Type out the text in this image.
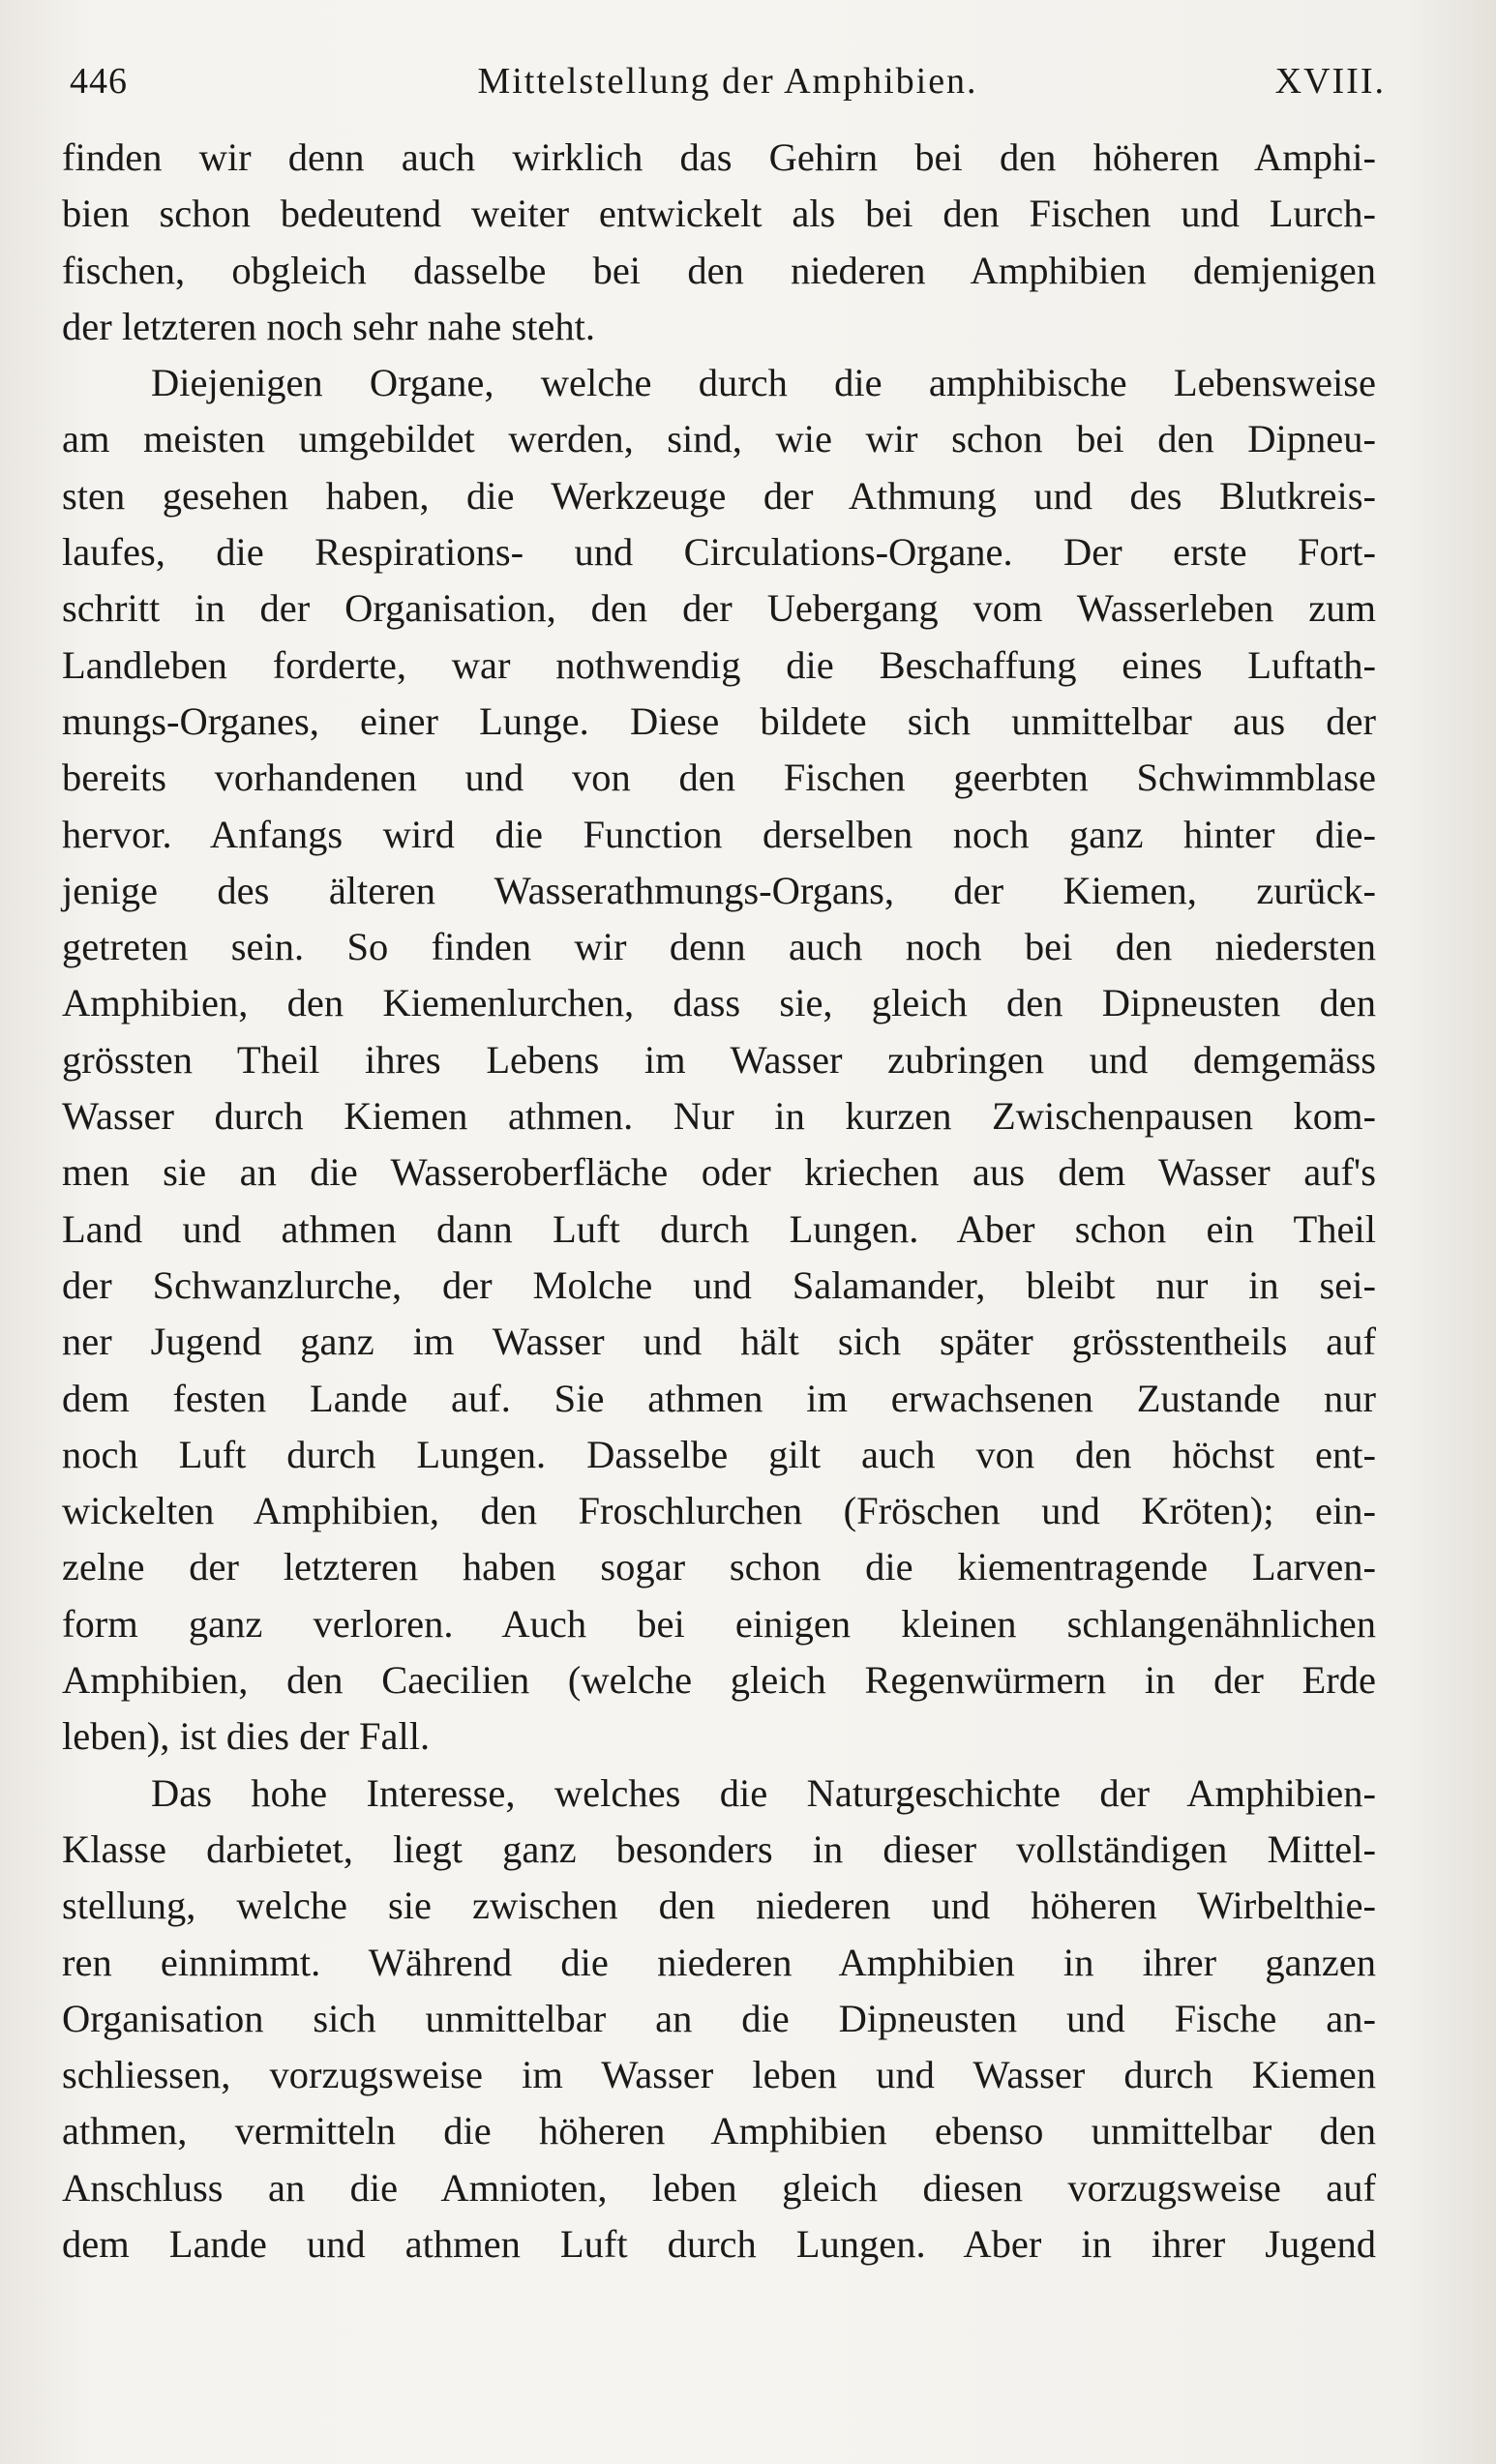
446	Mittelstellung der Amphibien.	XVIII.
finden wir denn auch wirklich das Gehirn bei den höheren Amphi-
bien schon bedeutend weiter entwickelt als bei den Fischen und Lurch-
fischen, obgleich dasselbe bei den niederen Amphibien demjenigen
der letzteren noch sehr nahe steht.
Diejenigen Organe, welche durch die amphibische Lebensweise
am meisten umgebildet werden, sind, wie wir schon bei den Dipneu-
sten gesehen haben, die Werkzeuge der Athmung und des Blutkreis-
laufes, die Respirations- und Circulations-Organe. Der erste Fort-
schritt in der Organisation, den der Uebergang vom Wasserleben zum
Landleben forderte, war nothwendig die Beschaffung eines Luftath-
mungs-Organes, einer Lunge. Diese bildete sich unmittelbar aus der
bereits vorhandenen und von den Fischen geerbten Schwimmblase
hervor. Anfangs wird die Function derselben noch ganz hinter die-
jenige des älteren Wasserathmungs-Organs, der Kiemen, zurück-
getreten sein. So finden wir denn auch noch bei den niedersten
Amphibien, den Kiemenlurchen, dass sie, gleich den Dipneusten den
grössten Theil ihres Lebens im Wasser zubringen und demgemäss
Wasser durch Kiemen athmen. Nur in kurzen Zwischenpausen kom-
men sie an die Wasseroberfläche oder kriechen aus dem Wasser auf's
Land und athmen dann Luft durch Lungen. Aber schon ein Theil
der Schwanzlurche, der Molche und Salamander, bleibt nur in sei-
ner Jugend ganz im Wasser und hält sich später grösstentheils auf
dem festen Lande auf. Sie athmen im erwachsenen Zustande nur
noch Luft durch Lungen. Dasselbe gilt auch von den höchst ent-
wickelten Amphibien, den Froschlurchen (Fröschen und Kröten); ein-
zelne der letzteren haben sogar schon die kiementragende Larven-
form ganz verloren. Auch bei einigen kleinen schlangenähnlichen
Amphibien, den Caecilien (welche gleich Regenwürmern in der Erde
leben), ist dies der Fall.
Das hohe Interesse, welches die Naturgeschichte der Amphibien-
Klasse darbietet, liegt ganz besonders in dieser vollständigen Mittel-
stellung, welche sie zwischen den niederen und höheren Wirbelthie-
ren einnimmt. Während die niederen Amphibien in ihrer ganzen
Organisation sich unmittelbar an die Dipneusten und Fische an-
schliessen, vorzugsweise im Wasser leben und Wasser durch Kiemen
athmen, vermitteln die höheren Amphibien ebenso unmittelbar den
Anschluss an die Amnioten, leben gleich diesen vorzugsweise auf
dem Lande und athmen Luft durch Lungen. Aber in ihrer Jugend
